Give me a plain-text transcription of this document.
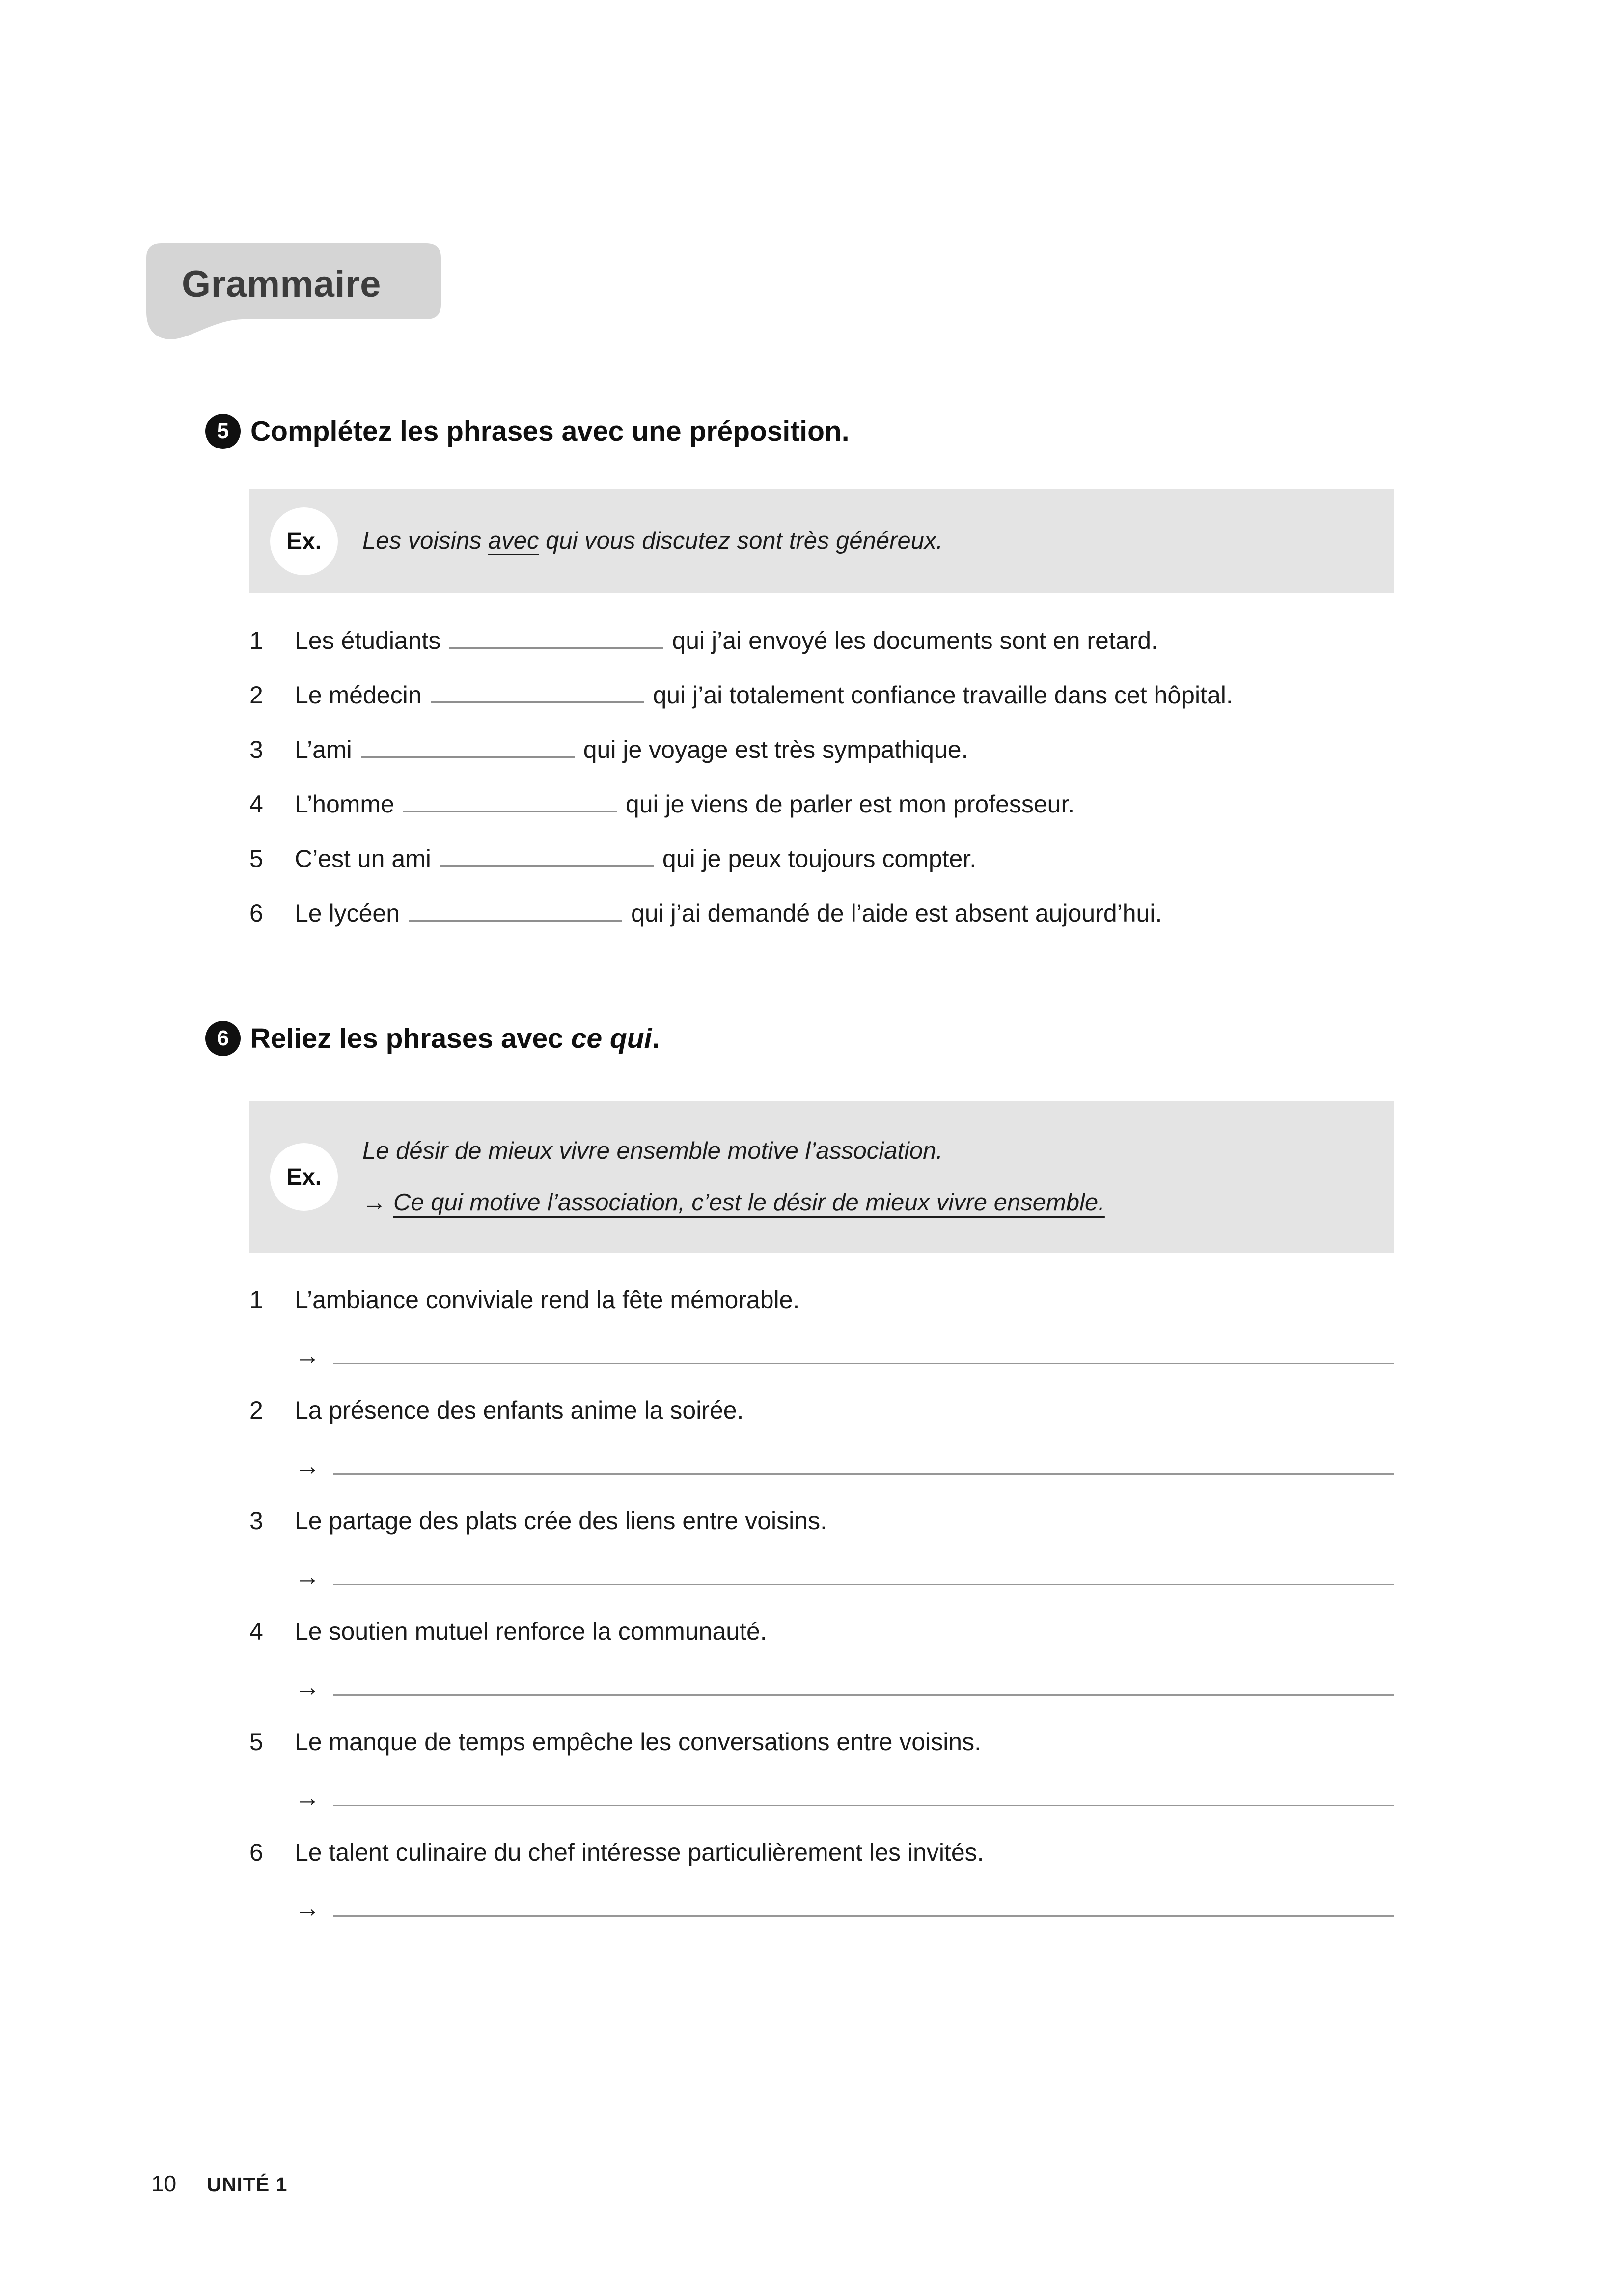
Grammaire
5 Complétez les phrases avec une préposition.
Ex.	Les voisins avec qui vous discutez sont très généreux.

1	Les étudiants	qui j’ai envoyé les documents sont en retard.
2	Le médecin	qui j’ai totalement confiance travaille dans cet hôpital.
3	L’ami	qui je voyage est très sympathique.
4	L’homme	qui je viens de parler est mon professeur.
5	C’est un ami	qui je peux toujours compter.
6	Le lycéen	qui j’ai demandé de l’aide est absent aujourd’hui.
6 Reliez les phrases avec ce qui.
Ex.
Le désir de mieux vivre ensemble motive l’association.
→ Ce qui motive l’association, c’est le désir de mieux vivre ensemble.
1	L’ambiance conviviale rend la fête mémorable.
→
2	La présence des enfants anime la soirée.
→
3	Le partage des plats crée des liens entre voisins.
→
4	Le soutien mutuel renforce la communauté.
→
5	Le manque de temps empêche les conversations entre voisins.
→
6	Le talent culinaire du chef intéresse particulièrement les invités.
→
10 UNITÉ 1
